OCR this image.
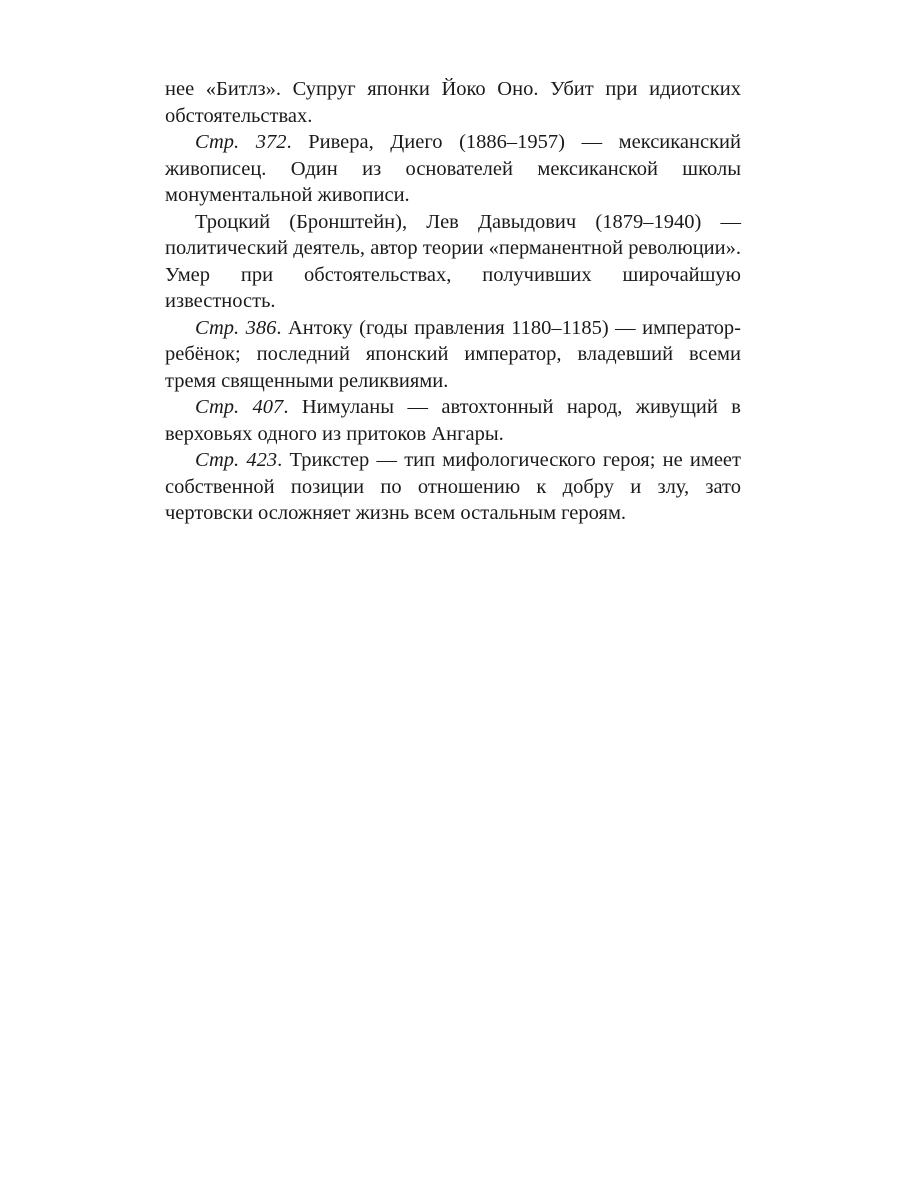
нее «Битлз». Супруг японки Йоко Оно. Убит при идиотских обстоятельствах.

Стр. 372. Ривера, Диего (1886–1957) — мексиканский живописец. Один из основателей мексиканской школы монументальной живописи.

Троцкий (Бронштейн), Лев Давыдович (1879–1940) — политический деятель, автор теории «перманентной революции». Умер при обстоятельствах, получивших широчайшую известность.

Стр. 386. Антоку (годы правления 1180–1185) — император-ребёнок; последний японский император, владевший всеми тремя священными реликвиями.

Стр. 407. Нимуланы — автохтонный народ, живущий в верховьях одного из притоков Ангары.

Стр. 423. Трикстер — тип мифологического героя; не имеет собственной позиции по отношению к добру и злу, зато чертовски осложняет жизнь всем остальным героям.
